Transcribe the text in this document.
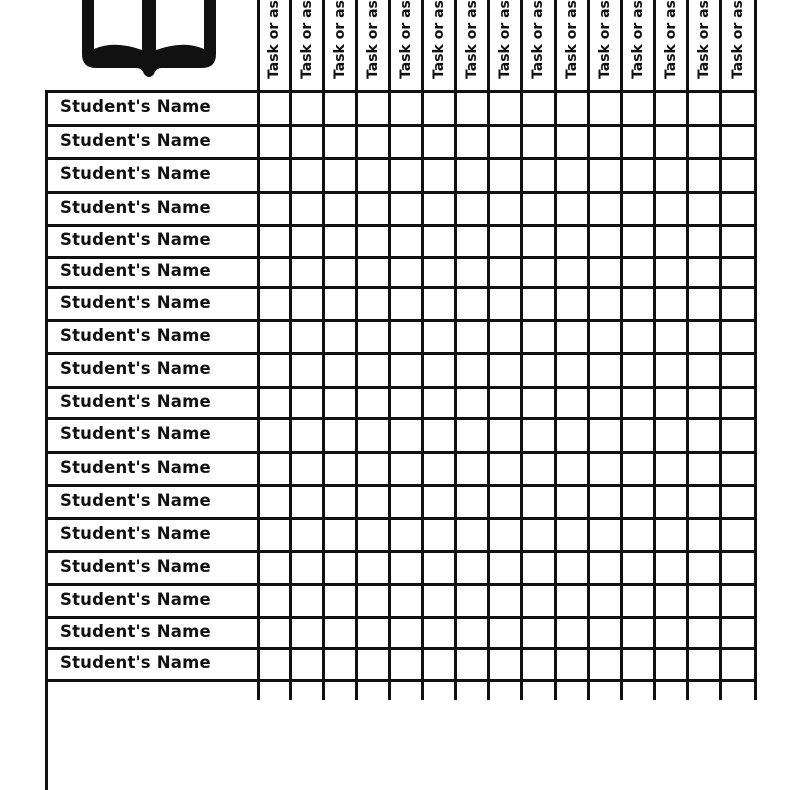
Task or as Task or as Task or as Task or as Task or as Task or as Task or as Task or as Task or as Task or as Task or as Task or as Task or as Task or as Task or as
Student's Name
Student's Name
Student's Name
Student's Name
Student's Name
Student's Name
Student's Name
Student's Name
Student's Name
Student's Name
Student's Name
Student's Name
Student's Name
Student's Name
Student's Name
Student's Name
Student's Name
Student's Name
